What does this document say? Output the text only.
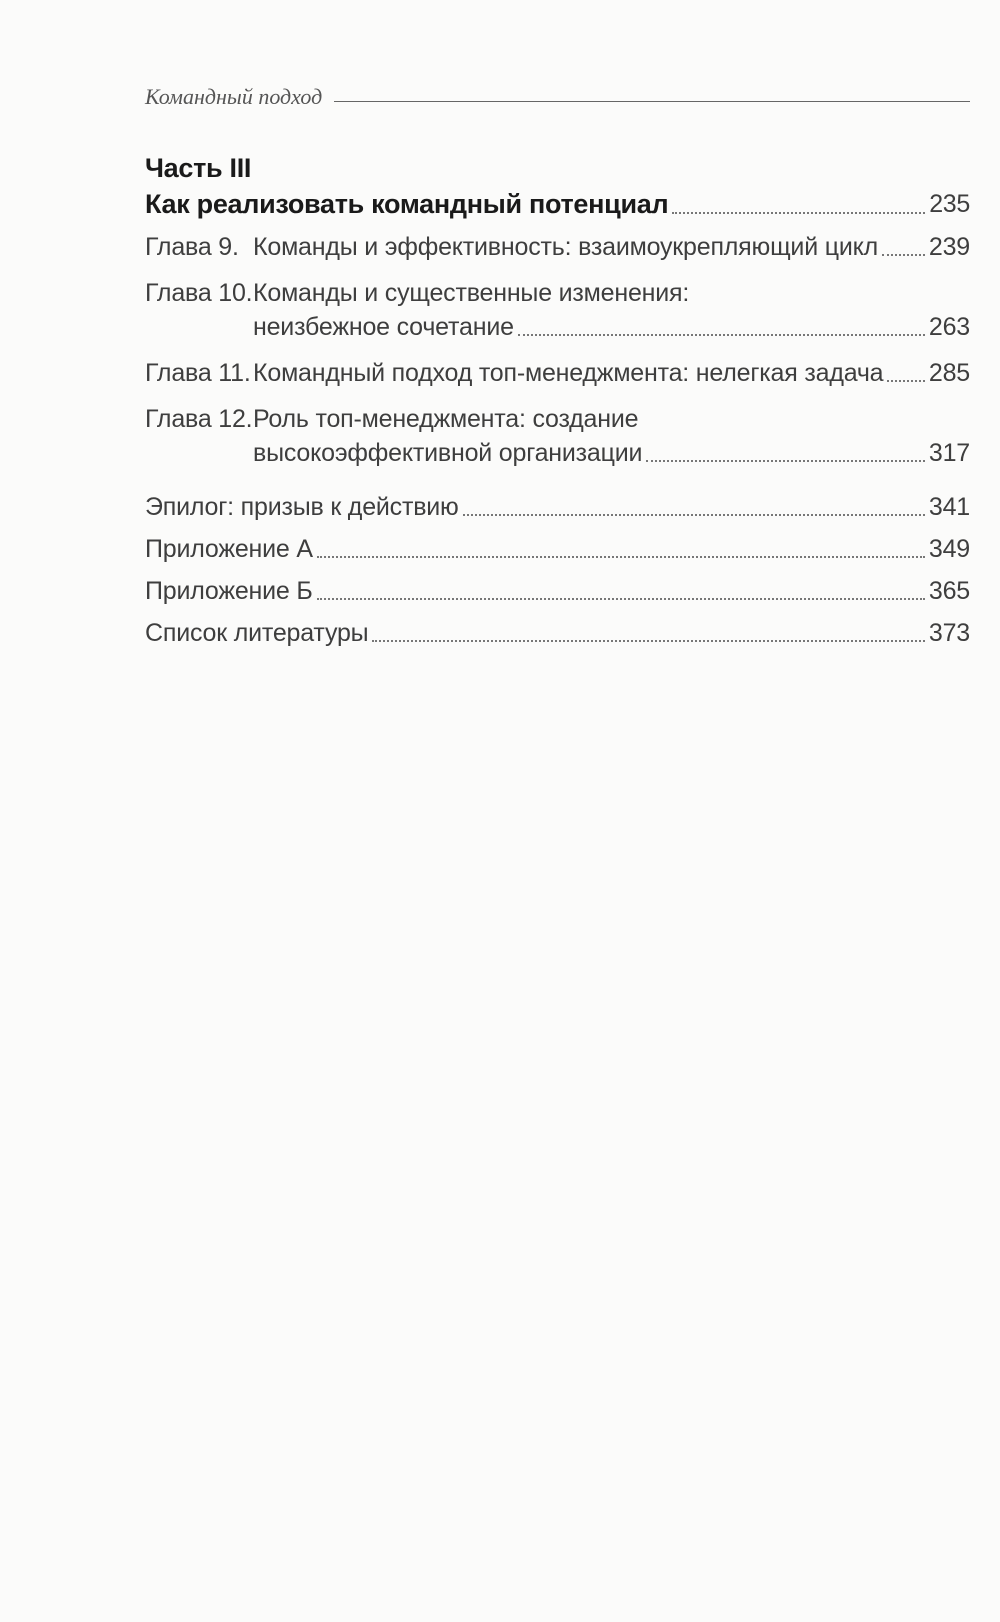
Командный подход
Часть III
Как реализовать командный потенциал	235
Глава 9. Команды и эффективность: взаимоукрепляющий цикл 239
Глава 10. Команды и существенные изменения:
неизбежное сочетание	263
Глава 11. Командный подход топ-менеджмента: нелегкая задача 285
Глава 12. Роль топ-менеджмента: создание
высокоэффективной организации	317
Эпилог: призыв к действию	341
Приложение А	349
Приложение Б	365
Список литературы	373
